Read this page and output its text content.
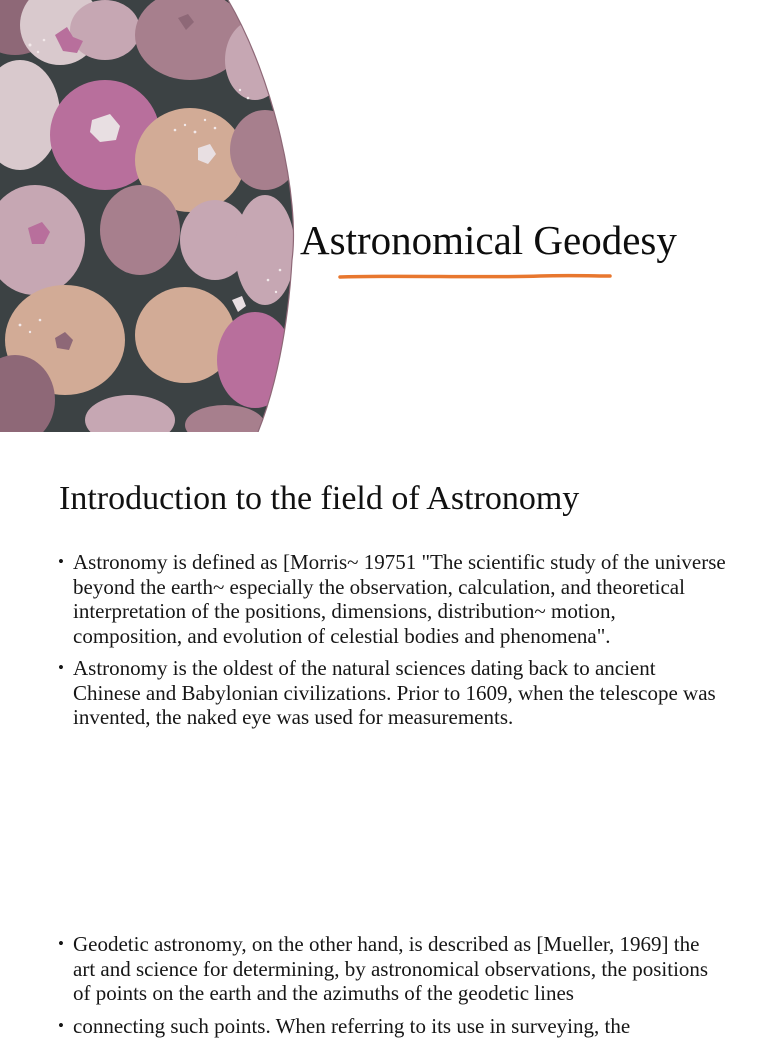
Astronomical Geodesy
Introduction to the field of Astronomy
• Astronomy is defined as [Morris~ 19751 "The scientific study of the universe beyond the earth~ especially the observation, calculation, and theoretical interpretation of the positions, dimensions, distribution~ motion, composition, and evolution of celestial bodies and phenomena".
• Astronomy is the oldest of the natural sciences dating back to ancient Chinese and Babylonian civilizations. Prior to 1609, when the telescope was invented, the naked eye was used for measurements.
• Geodetic astronomy, on the other hand, is described as [Mueller, 1969] the art and science for determining, by astronomical observations, the positions of points on the earth and the azimuths of the geodetic lines
• connecting such points. When referring to its use in surveying, the
